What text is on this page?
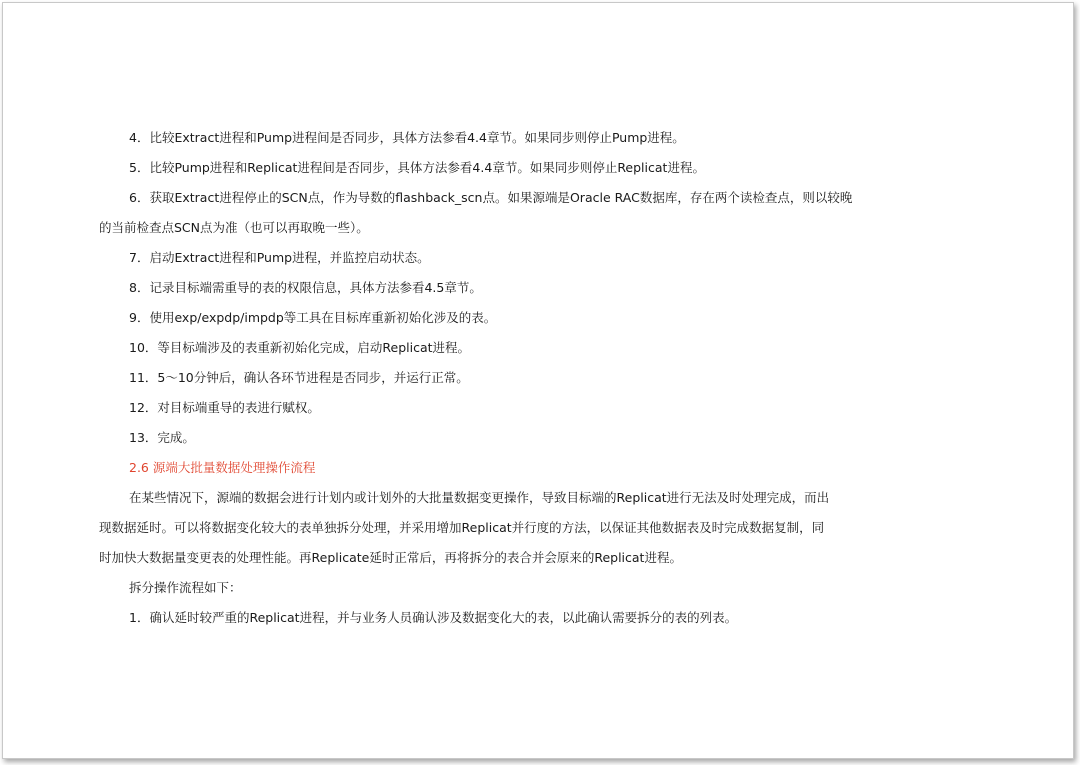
4．比较Extract进程和Pump进程间是否同步，具体方法参看4.4章节。如果同步则停止Pump进程。
5．比较Pump进程和Replicat进程间是否同步，具体方法参看4.4章节。如果同步则停止Replicat进程。
6．获取Extract进程停止的SCN点，作为导数的flashback_scn点。如果源端是Oracle RAC数据库，存在两个读检查点，则以较晚
的当前检查点SCN点为准（也可以再取晚一些）。
7．启动Extract进程和Pump进程，并监控启动状态。
8．记录目标端需重导的表的权限信息，具体方法参看4.5章节。
9．使用exp/expdp/impdp等工具在目标库重新初始化涉及的表。
10．等目标端涉及的表重新初始化完成，启动Replicat进程。
11．5～10分钟后，确认各环节进程是否同步，并运行正常。
12．对目标端重导的表进行赋权。
13．完成。
2.6 源端大批量数据处理操作流程
在某些情况下，源端的数据会进行计划内或计划外的大批量数据变更操作，导致目标端的Replicat进行无法及时处理完成，而出
现数据延时。可以将数据变化较大的表单独拆分处理，并采用增加Replicat并行度的方法，以保证其他数据表及时完成数据复制，同
时加快大数据量变更表的处理性能。再Replicate延时正常后，再将拆分的表合并会原来的Replicat进程。
拆分操作流程如下：
1．确认延时较严重的Replicat进程，并与业务人员确认涉及数据变化大的表，以此确认需要拆分的表的列表。
